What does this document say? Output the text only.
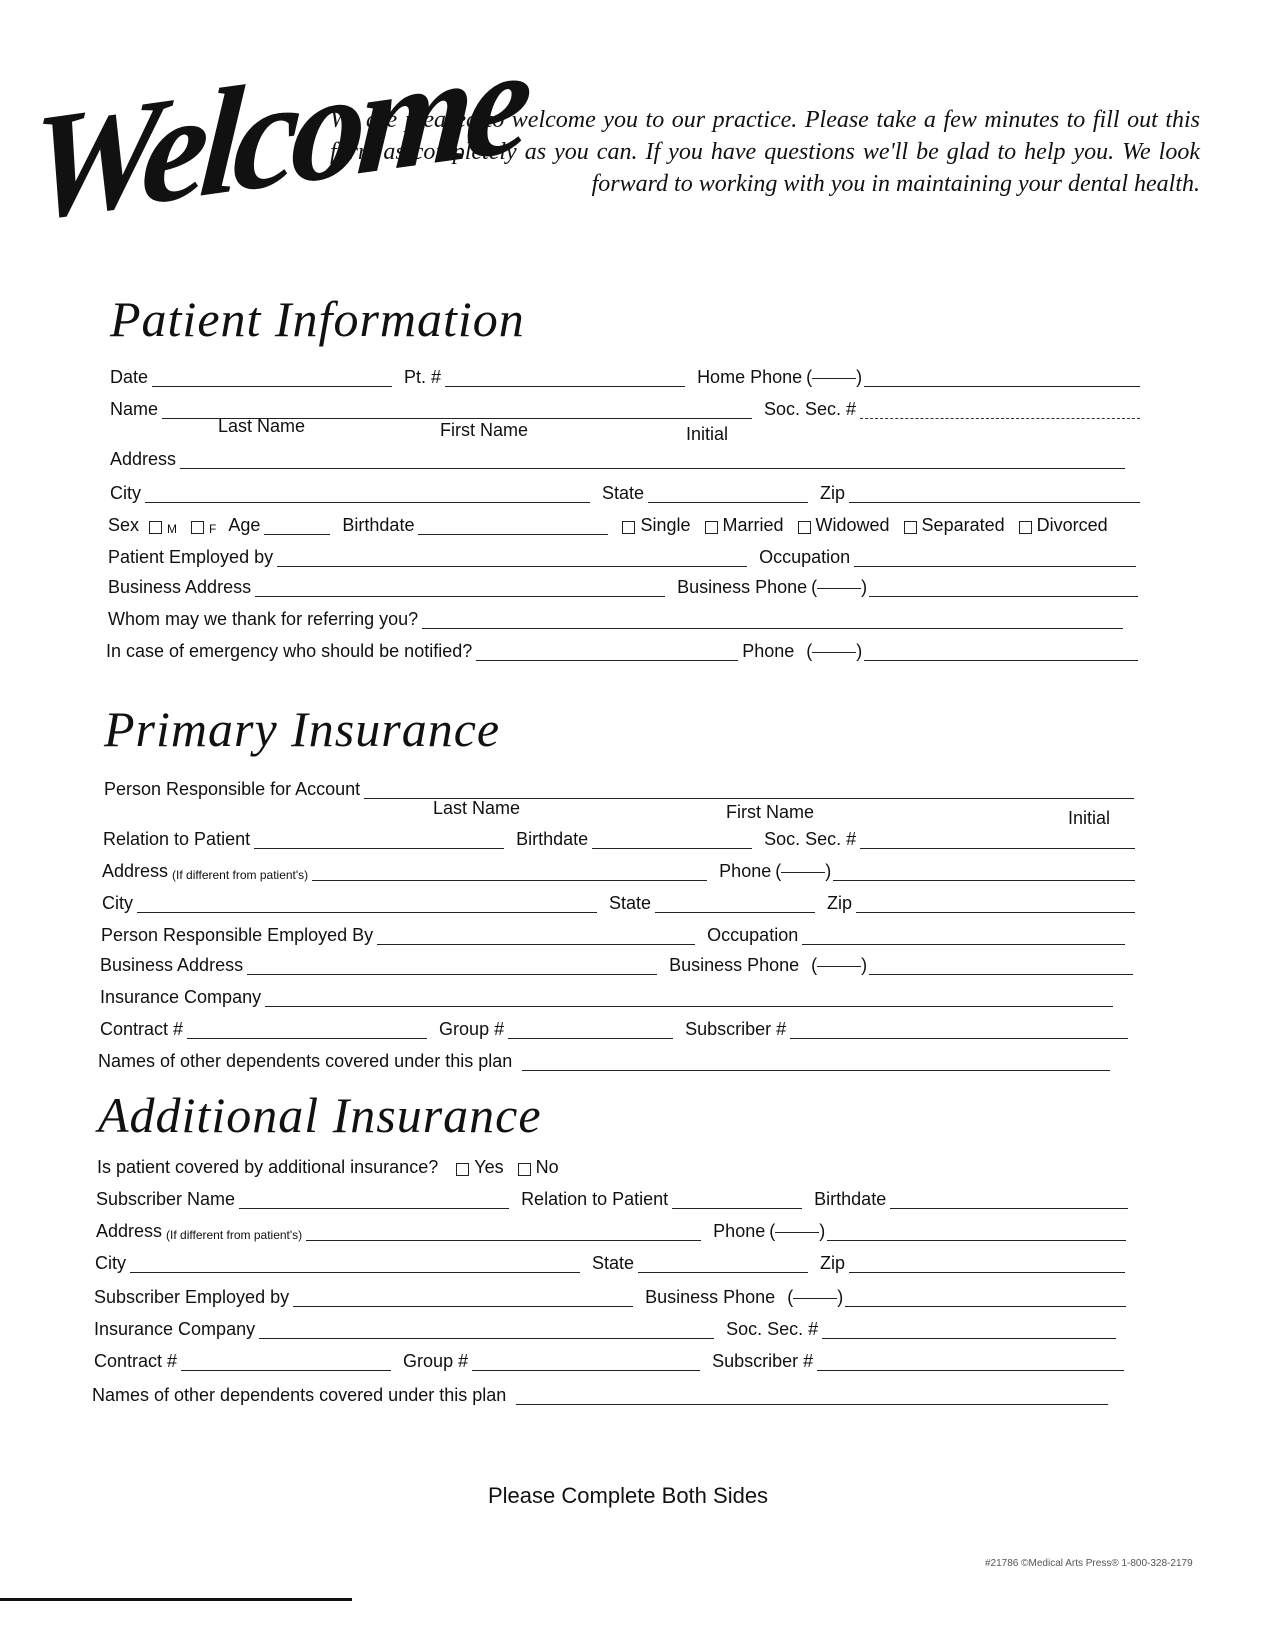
Welcome
We are pleased to welcome you to our practice. Please take a few minutes to fill out this form as completely as you can. If you have questions we'll be glad to help you. We look forward to working with you in maintaining your dental health.
Patient Information
Date	Pt. #	Home Phone ( )
Name	Soc. Sec. #
Last Name	First Name	Initial
Address
City	State	Zip
Sex	M	F Age	Birthdate	Single Married Widowed Separated Divorced
Patient Employed by	Occupation
Business Address	Business Phone ( )
Whom may we thank for referring you?
In case of emergency who should be notified?	Phone ( )
Primary Insurance
Person Responsible for Account
Last Name	First Name	Initial
Relation to Patient	Birthdate	Soc. Sec. #
Address (If different from patient's)	Phone ( )
City	State	Zip
Person Responsible Employed By	Occupation
Business Address	Business Phone ( )
Insurance Company
Contract #	Group #	Subscriber #
Names of other dependents covered under this plan
Additional Insurance
Is patient covered by additional insurance? Yes No
Subscriber Name	Relation to Patient	Birthdate
Address (If different from patient's)	Phone ( )
City	State	Zip
Subscriber Employed by	Business Phone ( )
Insurance Company	Soc. Sec. #
Contract #	Group #	Subscriber #
Names of other dependents covered under this plan
Please Complete Both Sides
#21786 ©Medical Arts Press® 1-800-328-2179
